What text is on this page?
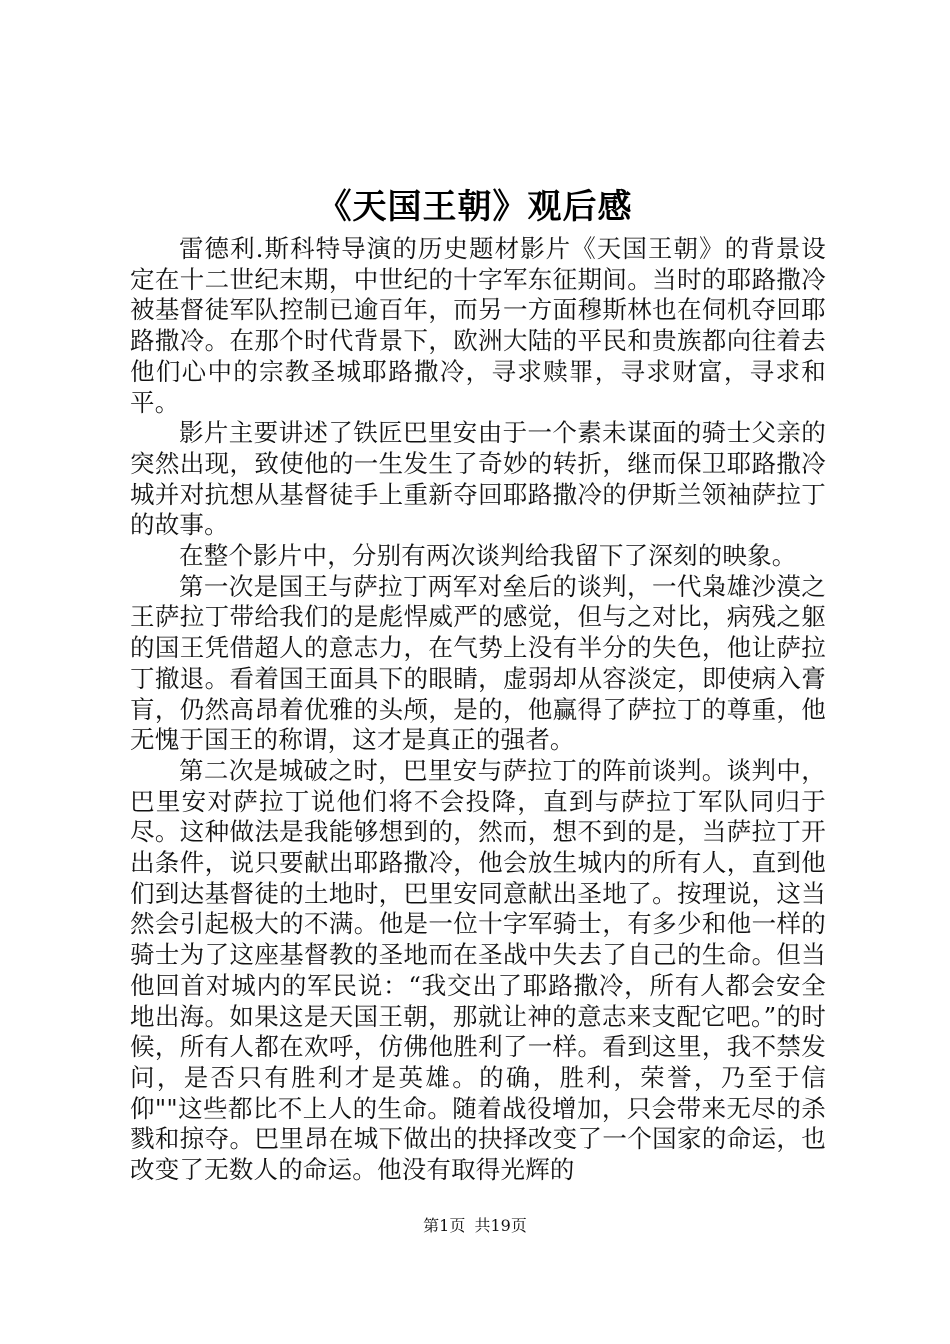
《天国王朝》观后感

雷德利.斯科特导演的历史题材影片《天国王朝》的背景设定在十二世纪末期，中世纪的十字军东征期间。当时的耶路撒冷被基督徒军队控制已逾百年，而另一方面穆斯林也在伺机夺回耶路撒冷。在那个时代背景下，欧洲大陆的平民和贵族都向往着去他们心中的宗教圣城耶路撒冷，寻求赎罪，寻求财富，寻求和平。

影片主要讲述了铁匠巴里安由于一个素未谋面的骑士父亲的突然出现，致使他的一生发生了奇妙的转折，继而保卫耶路撒冷城并对抗想从基督徒手上重新夺回耶路撒冷的伊斯兰领袖萨拉丁的故事。

在整个影片中，分别有两次谈判给我留下了深刻的映象。

第一次是国王与萨拉丁两军对垒后的谈判，一代枭雄沙漠之王萨拉丁带给我们的是彪悍威严的感觉，但与之对比，病残之躯的国王凭借超人的意志力，在气势上没有半分的失色，他让萨拉丁撤退。看着国王面具下的眼睛，虚弱却从容淡定，即使病入膏肓，仍然高昂着优雅的头颅，是的，他赢得了萨拉丁的尊重，他无愧于国王的称谓，这才是真正的强者。

第二次是城破之时，巴里安与萨拉丁的阵前谈判。谈判中，巴里安对萨拉丁说他们将不会投降，直到与萨拉丁军队同归于尽。这种做法是我能够想到的，然而，想不到的是，当萨拉丁开出条件，说只要献出耶路撒冷，他会放生城内的所有人，直到他们到达基督徒的土地时，巴里安同意献出圣地了。按理说，这当然会引起极大的不满。他是一位十字军骑士，有多少和他一样的骑士为了这座基督教的圣地而在圣战中失去了自己的生命。但当他回首对城内的军民说：“我交出了耶路撒冷，所有人都会安全地出海。如果这是天国王朝，那就让神的意志来支配它吧。”的时候，所有人都在欢呼，仿佛他胜利了一样。看到这里，我不禁发问，是否只有胜利才是英雄。的确，胜利，荣誉，乃至于信仰""这些都比不上人的生命。随着战役增加，只会带来无尽的杀戮和掠夺。巴里昂在城下做出的抉择改变了一个国家的命运，也改变了无数人的命运。他没有取得光辉的

第1页 共19页
